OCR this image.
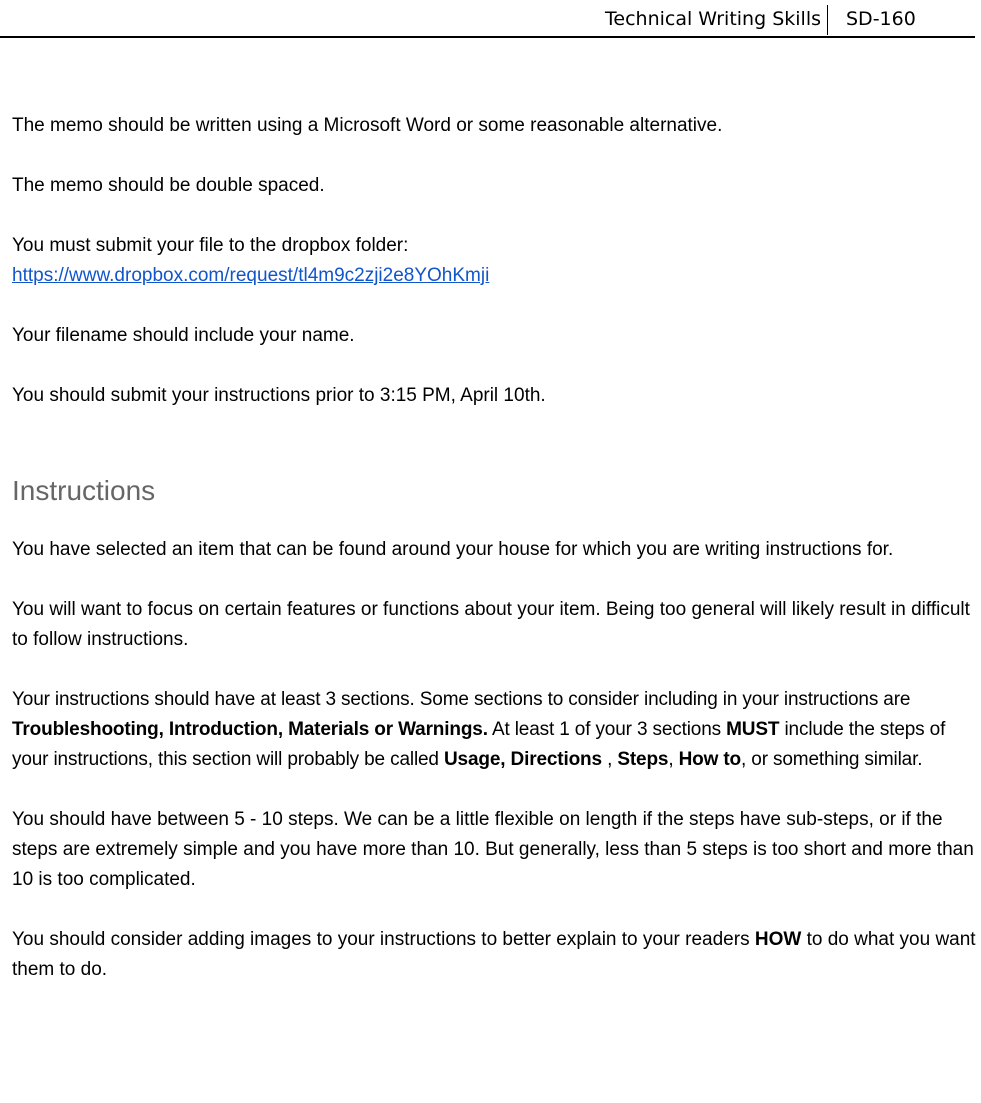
Technical Writing Skills	SD-160

The memo should be written using a Microsoft Word or some reasonable alternative.

The memo should be double spaced.

You must submit your file to the dropbox folder:

https://www.dropbox.com/request/tl4m9c2zji2e8YOhKmji

Your filename should include your name.

You should submit your instructions prior to 3:15 PM, April 10th.

Instructions

You have selected an item that can be found around your house for which you are writing instructions for.

You will want to focus on certain features or functions about your item. Being too general will likely result in difficult to follow instructions.

Your instructions should have at least 3 sections. Some sections to consider including in your instructions are Troubleshooting, Introduction, Materials or Warnings. At least 1 of your 3 sections MUST include the steps of your instructions, this section will probably be called Usage, Directions , Steps, How to, or something similar.

You should have between 5 - 10 steps. We can be a little flexible on length if the steps have sub-steps, or if the steps are extremely simple and you have more than 10. But generally, less than 5 steps is too short and more than 10 is too complicated.

You should consider adding images to your instructions to better explain to your readers HOW to do what you want them to do.
